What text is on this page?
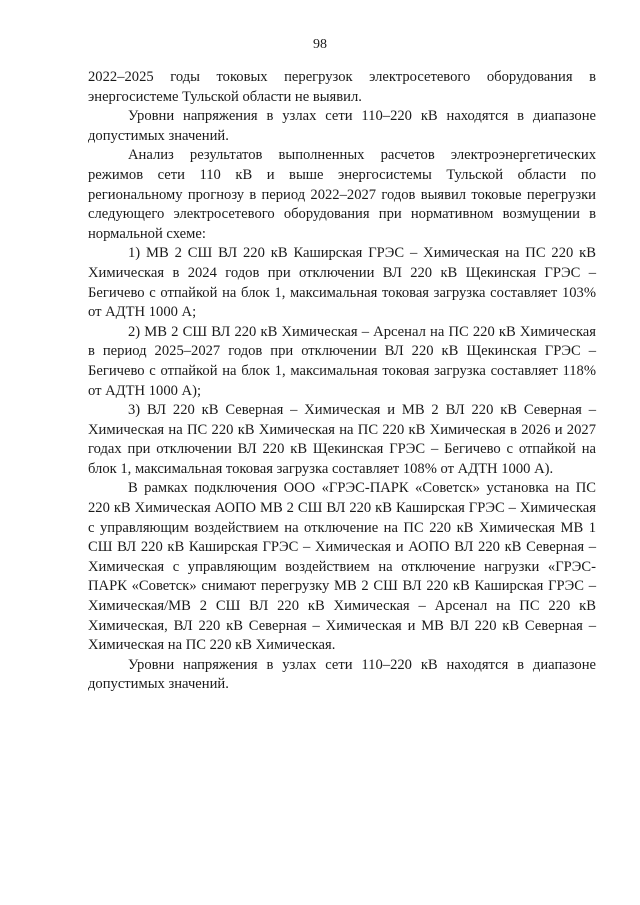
98

2022–2025 годы токовых перегрузок электросетевого оборудования в энергосистеме Тульской области не выявил.

Уровни напряжения в узлах сети 110–220 кВ находятся в диапазоне допустимых значений.

Анализ результатов выполненных расчетов электроэнергетических режимов сети 110 кВ и выше энергосистемы Тульской области по региональному прогнозу в период 2022–2027 годов выявил токовые перегрузки следующего электросетевого оборудования при нормативном возмущении в нормальной схеме:

1) МВ 2 СШ ВЛ 220 кВ Каширская ГРЭС – Химическая на ПС 220 кВ Химическая в 2024 годов при отключении ВЛ 220 кВ Щекинская ГРЭС – Бегичево с отпайкой на блок 1, максимальная токовая загрузка составляет 103% от АДТН 1000 А;

2) МВ 2 СШ ВЛ 220 кВ Химическая – Арсенал на ПС 220 кВ Химическая в период 2025–2027 годов при отключении ВЛ 220 кВ Щекинская ГРЭС – Бегичево с отпайкой на блок 1, максимальная токовая загрузка составляет 118% от АДТН 1000 А);

3) ВЛ 220 кВ Северная – Химическая и МВ 2 ВЛ 220 кВ Северная – Химическая на ПС 220 кВ Химическая на ПС 220 кВ Химическая в 2026 и 2027 годах при отключении ВЛ 220 кВ Щекинская ГРЭС – Бегичево с отпайкой на блок 1, максимальная токовая загрузка составляет 108% от АДТН 1000 А).

В рамках подключения ООО «ГРЭС-ПАРК «Советск» установка на ПС 220 кВ Химическая АОПО МВ 2 СШ ВЛ 220 кВ Каширская ГРЭС – Химическая с управляющим воздействием на отключение на ПС 220 кВ Химическая МВ 1 СШ ВЛ 220 кВ Каширская ГРЭС – Химическая и АОПО ВЛ 220 кВ Северная – Химическая с управляющим воздействием на отключение нагрузки «ГРЭС-ПАРК «Советск» снимают перегрузку МВ 2 СШ ВЛ 220 кВ Каширская ГРЭС – Химическая/МВ 2 СШ ВЛ 220 кВ Химическая – Арсенал на ПС 220 кВ Химическая, ВЛ 220 кВ Северная – Химическая и МВ ВЛ 220 кВ Северная – Химическая на ПС 220 кВ Химическая.

Уровни напряжения в узлах сети 110–220 кВ находятся в диапазоне допустимых значений.
